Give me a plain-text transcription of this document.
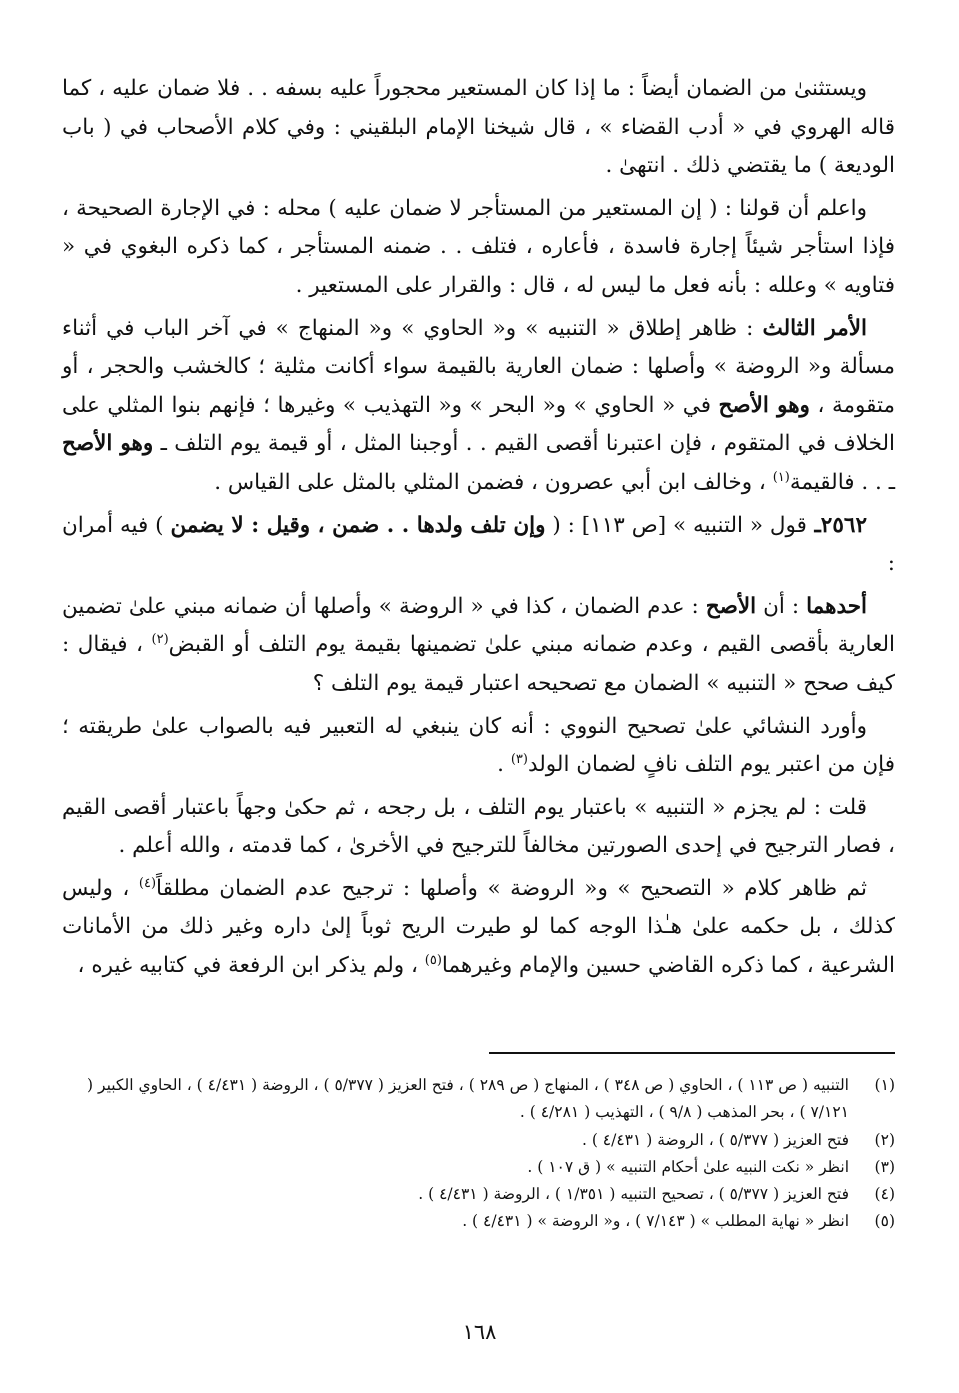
ويستثنىٰ من الضمان أيضاً : ما إذا كان المستعير محجوراً عليه بسفه . . فلا ضمان عليه ، كما قاله الهروي في « أدب القضاء » ، قال شيخنا الإمام البلقيني : وفي كلام الأصحاب في ( باب الوديعة ) ما يقتضي ذلك . انتهىٰ .

واعلم أن قولنا : ( إن المستعير من المستأجر لا ضمان عليه ) محله : في الإجارة الصحيحة ، فإذا استأجر شيئاً إجارة فاسدة ، فأعاره ، فتلف . . ضمنه المستأجر ، كما ذكره البغوي في « فتاويه » وعلله : بأنه فعل ما ليس له ، قال : والقرار على المستعير .

الأمر الثالث : ظاهر إطلاق « التنبيه » و« الحاوي » و« المنهاج » في آخر الباب في أثناء مسألة و« الروضة » وأصلها : ضمان العارية بالقيمة سواء أكانت مثلية ؛ كالخشب والحجر ، أو متقومة ، وهو الأصح في « الحاوي » و« البحر » و« التهذيب » وغيرها ؛ فإنهم بنوا المثلي على الخلاف في المتقوم ، فإن اعتبرنا أقصى القيم . . أوجبنا المثل ، أو قيمة يوم التلف ـ وهو الأصح ـ . . فالقيمة$^{(١)}$ ، وخالف ابن أبي عصرون ، فضمن المثلي بالمثل على القياس .

٢٥٦٢ـ قول « التنبيه » [ص ١١٣] : ( وإن تلف ولدها . . ضمن ، وقيل : لا يضمن ) فيه أمران :

أحدهما : أن الأصح : عدم الضمان ، كذا في « الروضة » وأصلها أن ضمانه مبني علىٰ تضمين العارية بأقصى القيم ، وعدم ضمانه مبني علىٰ تضمينها بقيمة يوم التلف أو القبض$^{(٢)}$ ، فيقال : كيف صحح « التنبيه » الضمان مع تصحيحه اعتبار قيمة يوم التلف ؟

وأورد النشائي علىٰ تصحيح النووي : أنه كان ينبغي له التعبير فيه بالصواب علىٰ طريقته ؛ فإن من اعتبر يوم التلف نافٍ لضمان الولد$^{(٣)}$ .

قلت : لم يجزم « التنبيه » باعتبار يوم التلف ، بل رجحه ، ثم حكىٰ وجهاً باعتبار أقصى القيم ، فصار الترجيح في إحدى الصورتين مخالفاً للترجيح في الأخرىٰ ، كما قدمته ، والله أعلم .

ثم ظاهر كلام « التصحيح » و« الروضة » وأصلها : ترجيح عدم الضمان مطلقاً$^{(٤)}$ ، وليس كذلك ، بل حكمه علىٰ هـٰذا الوجه كما لو طيرت الريح ثوباً إلىٰ داره وغير ذلك من الأمانات الشرعية ، كما ذكره القاضي حسين والإمام وغيرهما$^{(٥)}$ ، ولم يذكر ابن الرفعة في كتابيه غيره ،

(١)
التنبيه ( ص ١١٣ ) ، الحاوي ( ص ٣٤٨ ) ، المنهاج ( ص ٢٨٩ ) ، فتح العزيز ( ٥/٣٧٧ ) ، الروضة ( ٤/٤٣١ ) ، الحاوي الكبير ( ٧/١٢١ ) ، بحر المذهب ( ٩/٨ ) ، التهذيب ( ٤/٢٨١ ) .
(٢)
فتح العزيز ( ٥/٣٧٧ ) ، الروضة ( ٤/٤٣١ ) .
(٣)
انظر « نكت النبيه علىٰ أحكام التنبيه » ( ق ١٠٧ ) .
(٤)
فتح العزيز ( ٥/٣٧٧ ) ، تصحيح التنبيه ( ١/٣٥١ ) ، الروضة ( ٤/٤٣١ ) .
(٥)
انظر « نهاية المطلب » ( ٧/١٤٣ ) ، و« الروضة » ( ٤/٤٣١ ) .
١٦٨
